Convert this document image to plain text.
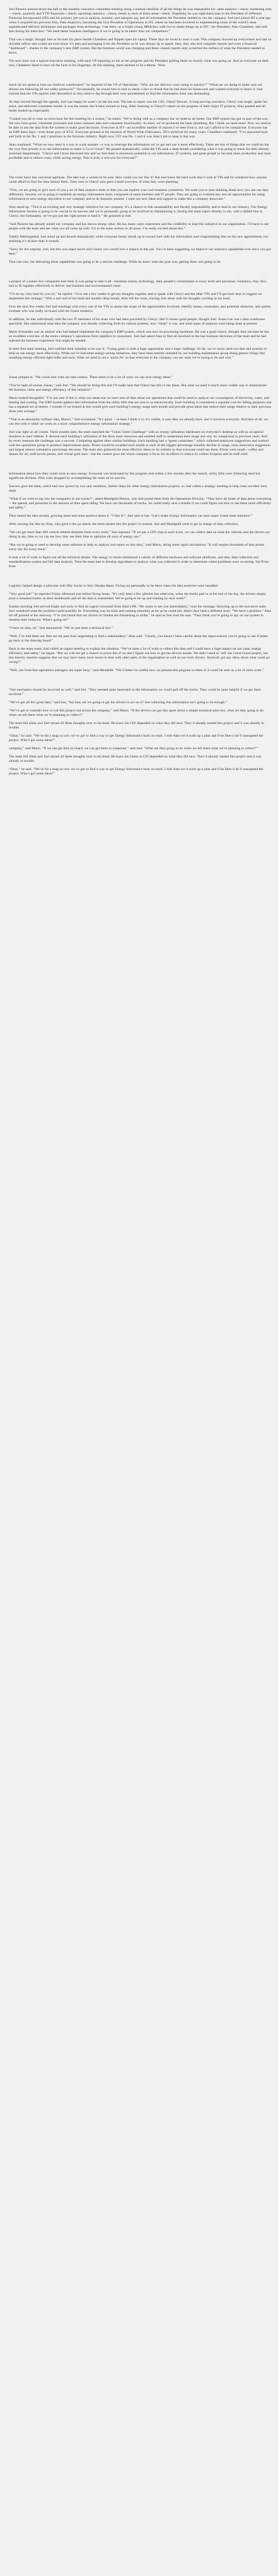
Joel Parsons hurried down the hall to the monthly executive committee meeting along a normal checklist of all the things he was responsible for: sales analysis—check; marketing stats—check; quarterly and YTD financials—check; operating statistics—check, trends in each of these areas—check. Hopefully, he was right-hand man to the President of Jefferson Financial Incorporated (JFI) and his primary job was to analyze, monitor, and interpret any and all information the President needed to run the company. Joel had joined JFI a year ago when it acquired his previous firm, Data Analytics, becoming the Vice President of Operations at JFI, where he had been involved in implementing some of the world’s most sophisticated delivery techniques and packages from technology. I sat there, as a bright young MBA/boy with two to shake things up at JFI,” the President, Alan Chambers, had told him during his interview. “We need better business intelligence if we’re going to be better than our competitors.”

That was a laugh, thought Joel as he took his place beside Chambers and flipped open his laptop. These days he loved to wear a coat. This company showed up everywhere and had no drivable inflow and would not even know it’s data and packaging it for the President so he was always up to speed. Sure, they also had computer reports and even a financial “dashboard”—thanks to the company’s new ERP system. But the business world was changing and these canned reports only scratched the surface of what the President needed to know.

The next hour was a typical executive meeting, with each VP reporting on his or her progress and the President grilling them on exactly what was going on. And as everyone on their turn, Chambers liked to have all the facts at his fingertips. At this meeting, there seemed to be a theme. “How

much do we spend to host our Andover warehouses?” he inquired of the VP of Operations. “Why are our delivery costs rising so quickly?” “What are we doing to make sure our drivers are following all our safety protocols?” Occasionally, he would turn to Joel to check a fact or reveal that he had done his homework and wanted everyone to know it. Joel noticed that the VPs squirm with discomfort as they tried to dig through their own spreadsheets to find the information Alan was demanding.

As they moved through the agenda, Joel was happy he wasn’t on the hot seat. The last to report was the CIO, Cheryl Stewart. A long-serving executive, Cheryl was tough, spoke her mind, and delivered consistent results. It was the reason she’d been around so long. After listening to Cheryl’s report on the progress of their major IT projects, Alan paused and all heads looked up expectantly.

“I asked you all to clear an extra hour for this meeting for a reason,” he stated. “We’re doing well as a company but we need to do better. Our ERP system has got us part of the way. We now have good, consistent processes and some common data and consistent functionality. In short, we’ve produced the basic plumbing. But I think we need more. Now we need to be able to use the data from the system to make good decisions. Everyone at JFI—an incredible number of reports I’ve seen from it, but can’t afford to be complacent. Everyone has an ERP these days—even those guys at XYZ. Everyone grinned at the mention of World Wide Fabricators, JFI’s archrival for many years. Chambers continued: “I’ve answered back and forth at the No. 1 and 2 positions in the furniture industry. Right now, CFI was No. 1 and it was Alan’s job to keep it that way.

Alan continued: “What we now need is a way to work smarter—a way to leverage the information we’ve got and use it more effectively. There are lots of things that we could do but the very first priority is to use information to make it Go to Great!” He paused dramatically, while the VPs took a deep breath considering what it was going to mean for their already-stretched departments. “Cheryl and I have discussed this and we feel there is enormous potential in our information. IT systems, and great people to become more productive and more profitable and to reduce costs; while saving energy. This is truly a win-win for everyone!”

The room burst into universal applause. The idea was a winner to be sure. How could you not like it? But Joel knew the hard work that it took at VPs and he wondered how anyone could afford to find the time behind them. Then over to Cheryl who gave a brief overview of what they were planning.

“First, we are going to give each of you a set of data analytics tools so that you can explore your own business yourselves. We want you to start thinking about how you can use data differently. Second, we’re going to establish an energy information team, composed of some business and IT people. They are going to examine key and all opportunities for using information to save energy anywhere in our company and to do business smarter. I want our new ideas and support to make this a company showcase.”

Alan stood up. “This is an exciting and very strategic initiative for our company. It’s a chance to link sustainability and fiscally responsibility and to lead in our industry. The Energy Information Section is going to be crucial to its success and we’re personally going to be involved in championing it, having this team report directly to me, with a skilled line to Cheryl, but fortunately, we’ve got just the right person to lead it.” He gestured at Joel.

“Joel Parsons has already joined our company and has shown strong value. He has many years experience and the credibility to lead this initiative in our organization. I’ll have to see people with the team and see what you all come up with. It’s in the same section in all areas. I’m really excited about this.”

Totally flabbergasted, Joel stood up and bowed dramatically while everyone busily shook up to toward Joel with the information and congratulating him on his new appointment, not realizing it’s trickier than it sounds.

“Sorry for the surprise, Joel, but this was super secret and I knew you would love a chance at this job. You’ve been suggesting we improve our analytics capabilities ever since you got here.”

That was true, but delivering these capabilities was going to be a serious challenge. While he knew what the goal was, getting there was going to be

a project of a nature few companies had tried. It was going to take it all—business smarts, technology, data, people’s commitment at every level and processes. Somehow, they ALL had to fit together effectively to deliver real business and environmental value.

“I’ll do my very best for you sir,” he replied. “Give me a few weeks to get my thoughts together and to speak with Cheryl and the other VPs and I’ll get back here to suggest we implement this strategy.” With a sort nod of his head and another deep breath, Alan left the room, leaving Joel alone with his thoughts swirling in his head.

Over the next few weeks Joel had meetings with every one of the VPs to assess the scope of the opportunities involved; identify issues, constraints, and potential obstacles; and quietly evaluate who was really on board with the Green initiative.

In addition, he met individually with the two IT members of his team who had been provided by Cheryl. She’d chosen good people, thought Joel. Susan Lee was a data warehouse specialist. She understood what data the company was already collecting from its various systems, how “clean” it was, and what types of analyses were being done at present.

Mario Fernandes was an analyst who had helped implement the company’s ERP system, which was now its processing backbone. He was a good choice, thought Joel, because he has an excellent overview of the entire company’s operations from suppliers to consumers. Joel had asked Alan to find all involved in the last business decisions of the team and he had rejected the business experience that might be needed.

In their first team meeting, Joel outlined their mandate as he saw it. “Going green is both a huge opportunity and a huge challenge. So far, we’ve never used our data and systems to help us use energy more effectively. While we’ve had some energy-saving initiatives, they have been entirely initiated by our building maintenance group doing generic things like installing energy efficient light bulbs and such. What we need is not a ‘quick fix’ so that everyone in the company can see what we’re trying to do and why.”

Susan jumped in. “We could start with our data centers. There seem to be a lot of ways we can save energy there.”

“You’re right of course, Susan,” said Joel. “We should be doing this and I’ll make sure that Cheryl has this in her plans. But what we need is much more visible way to demonstrate the business value and energy efficiency of this initiative.”

Mario looked thoughtful. “I’m not sure if this is what you mean but we have tons of data about our operations that could be used to analyze our consumption of electricity, water, and heating and cooling. Our ERP system gathers this information from the utility bills that are sent to us electronically. Each building is considered a separate cost for billing purposes and has a separate set of meters. I wonder if we looked at this would give each building’s energy usage each month and provide great ideas that reduce their usage relative to their previous three year average.”

“That is an absolutely brilliant idea, Mario!,” Joel exclaimed. “It’s quick —at least I think it is; it’s visible, it uses data we already have, and it involves everyone. And best of all, we can test with it while we work on a more comprehensive energy information strategy.”

Joel was right on all counts. Three months later, the team launched the “Green Green Challenge” with an energy utilization dashboard on everyone’s desktop as well as on special monitors in their lobbies. It showed each building’s utilization of the three main resources and enabled staff to understand their usage and why its comparison to previous years. And by every measure the challenge was a success. Competing against other similar buildings. Each building had a “green committee,” which collected employee suggestions and worked with the operations group to produce improvement plans. Prizes would be awarded each month to each of the biggest percentage monthly decline in usage, most innovative suggestion and largest annual cumulative percentage decrease. The team also gathered the most effective ideas on its website so that everyone could see them. Prizes were small—coffee and donuts for all, staff movie passes, and virtual gold stars—but the contest gave the whole company a focus for its efforts to reduce its carbon footprint and its staff chief

information about how they could work to save energy. Everyone was motivated by this program and within a few months after the launch, utility bills were following shed but significant declines. Pilot costs dropped by accomplishing the team on its success.

Success gave the team, which had now grown by two new members, further ideas for other energy information projects. so Joel called a strategy meeting to help chart out their next steps.

“What if we were to tap into the computers in our trucks?”, asked Mandgold Demos, who had joined them from the Operations Division. “They have all kinds of data about everything—the speeds, and pressures to the amount of time spent idling. We have our thousands of trucks; we could really save a bundle if we could figure out how to use them more efficiently and safely.”

They batted the idea around, growing more and more positive about it. “I like it!”, Joel said at last. “Let’s make Energy Informatics our next major Green team initiative.”

After running the idea by Alan, who gave it the go-ahead, the team started into the project in earnest. Sue and Mandgold went to get in charge of data collection.

“We can get more than 200 vehicle-related elements from every truck,” Sue reported. “If we put a GPS chip in each truck, we can collect data on what the vehicles and the drivers are doing at any time so we can see how they use their time to optimize all sorts of energy use.”

“But we’re going to need to develop some software to help us analyze and report on this data,” said Mario, doing some rapid calculations. “It will require thousands of data points every day for every truck.”

It took a lot of work to figure out all the technical details. The energy in trucks minimized a variety of different hardware and software platforms, and data, data collection and standardization system and full data analysis. Then the team had to develop algorithms to analyze what was collected in order to determine where problems were occurring. Sid Pruer from

Logistics helped design a pilot test with fifty trucks in their Omaha depot. Flying out personally to be there when the data receivers were installed.

“Very good job!” he reported Friday afternoon just before flying home. “It’s only been a few glitches but otherwise, when the trucks pull in at the end of the day, the drivers simply push a mounted button on their dashboards and all the data is transmitted. We’re going to be up and running by next week!”

Sunday morning Joel arrived bright and early to find an urgent voicemail from Alan’s PA. “He wants to see you immediately,” read the message. Hurrying up to the executive suite, Joel wondered what the problem could possibly be. Everything was on track and running smoothly as far as he could tell. Alan’s face held a different story. “We have a problem,” Alan bit off pointed at the doorway. “I’ve just heard that our drivers in Omaha are threatening to strike,” he said as Joel took his seat. “They think you’re going to spy on our system to monitor their behavior. What’s going on?”

“I have no idea, sir,” Joel stammered. “We’ve just done a technical test.”

“Well, I’ve told them our files are the past hour negotiating to find a stakeholders,” Alan said. “Clearly, you haven’t been careful about the repercussions you’re going to use if better go back to the drawing board.”

Back in the team room, Joel called an urgent meeting to explain the situation. “We’ve done a lot of work to collect this data and I could have a huge impact on our costs, energy efficiency and safety,” he began. “But we will not get a chance to prove this if we don’t figure out how to get the drivers onside. We didn’t need to ‘sell’ the Great Green project, but this heavily reaction suggests that we may have many more issues to deal with other parts of the organization as well as our truck drivers. Anybody got any ideas about what could go wrong?”

“Well, our front-line operations managers are super busy,” said Mendeldi. “We’d better be careful how we present this program to them or it could be seen as a lot of extra work.”

“Our mechanics should be involved as well,” said Sid. “They seemed quite interested in the information we could pull off the trucks. They could be quite helpful if we get them involved.”

“We’ve got all this great data,” said Sue, “but how are we going to get the drivers to act on it? Just collecting this information isn’t going to be enough.”

“We’ve got to consider how to roll this project out across the company,” said Mario. “If the drivers can get this upset about a simple technical pilot test, what are they going to do when we tell them what we’re planning to collect?”

The team fell silent and Joel turned all these thoughts over in his head. He knew his CIO depended on what they did next. They’d already started this project and it was already in trouble.

“Okay,” he said. “We’ve bit a snag so now we’ve got to find a way to get Energy Informatics back on track. I told Alan we’d work up a plan and if he likes it he’ll unsuspend the project. Who’s got some ideas?”

company,” said Mario. “If we can get him on board, we can get them to cooperate,” said Joel. “What are they going to do when we tell them what we’re planning to collect?”

The team fell silent and Joel turned all these thoughts over in his head. He knew his Green at CFI depended on what they did next. They’d already started this project and it was already in trouble.

“Okay,” he said. “We’ve hit a snag so now we’ve got to find a way to get Energy Informatics back on track. I told Alan we’d work up a plan and if he likes it he’ll unsuspend the project. Who’s got some ideas?”
